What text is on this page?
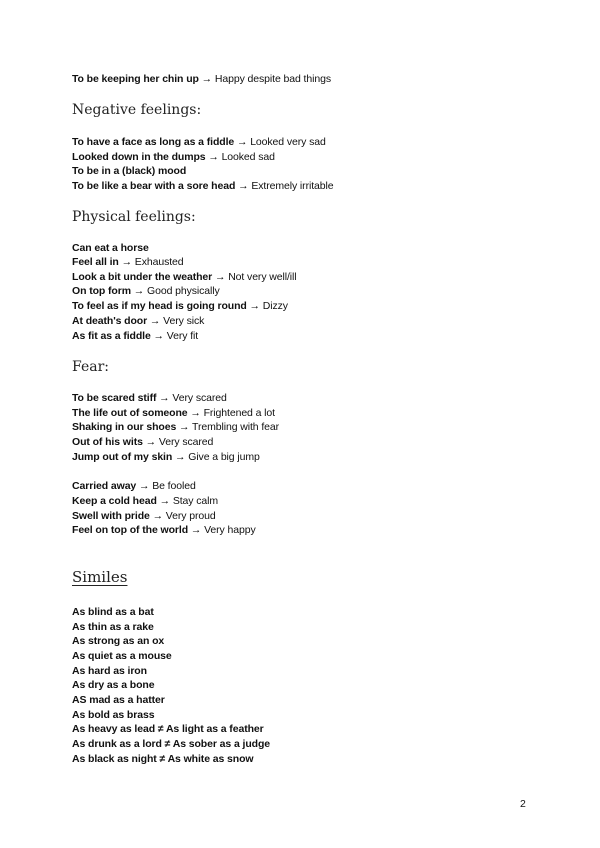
To be keeping her chin up → Happy despite bad things
Negative feelings:
To have a face as long as a fiddle → Looked very sad
Looked down in the dumps → Looked sad
To be in a (black) mood
To be like a bear with a sore head → Extremely irritable
Physical feelings:
Can eat a horse
Feel all in → Exhausted
Look a bit under the weather → Not very well/ill
On top form → Good physically
To feel as if my head is going round → Dizzy
At death's door → Very sick
As fit as a fiddle → Very fit
Fear:
To be scared stiff → Very scared
The life out of someone → Frightened a lot
Shaking in our shoes → Trembling with fear
Out of his wits → Very scared
Jump out of my skin → Give a big jump
Carried away → Be fooled
Keep a cold head → Stay calm
Swell with pride → Very proud
Feel on top of the world → Very happy
Similes
As blind as a bat
As thin as a rake
As strong as an ox
As quiet as a mouse
As hard as iron
As dry as a bone
AS mad as a hatter
As bold as brass
As heavy as lead ≠ As light as a feather
As drunk as a lord ≠ As sober as a judge
As black as night ≠ As white as snow
2
